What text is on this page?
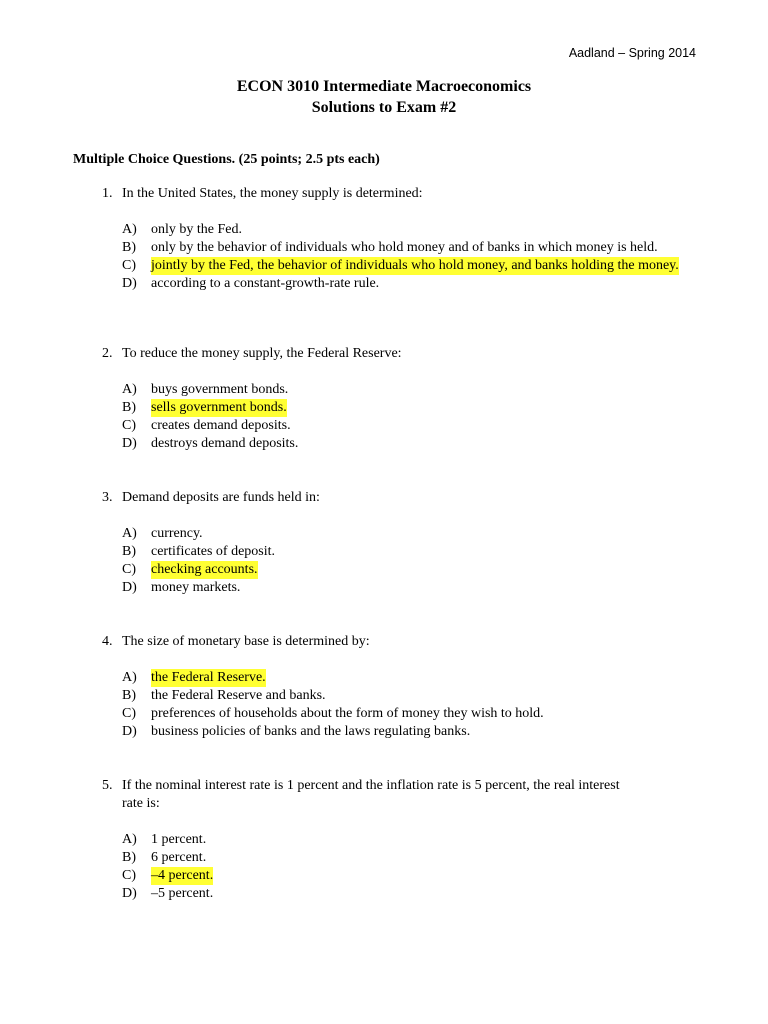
Aadland – Spring 2014
ECON 3010 Intermediate Macroeconomics
Solutions to Exam #2
Multiple Choice Questions. (25 points; 2.5 pts each)
1. In the United States, the money supply is determined:
A)	only by the Fed.
B)	only by the behavior of individuals who hold money and of banks in which money is held.
C)	jointly by the Fed, the behavior of individuals who hold money, and banks holding the money.
D)	according to a constant-growth-rate rule.
2. To reduce the money supply, the Federal Reserve:
A)	buys government bonds.
B)	sells government bonds.
C)	creates demand deposits.
D)	destroys demand deposits.
3. Demand deposits are funds held in:
A)	currency.
B)	certificates of deposit.
C)	checking accounts.
D)	money markets.
4. The size of monetary base is determined by:
A)	the Federal Reserve.
B)	the Federal Reserve and banks.
C)	preferences of households about the form of money they wish to hold.
D)	business policies of banks and the laws regulating banks.
5. If the nominal interest rate is 1 percent and the inflation rate is 5 percent, the real interest rate is:
A)	1 percent.
B)	6 percent.
C)	–4 percent.
D)	–5 percent.
